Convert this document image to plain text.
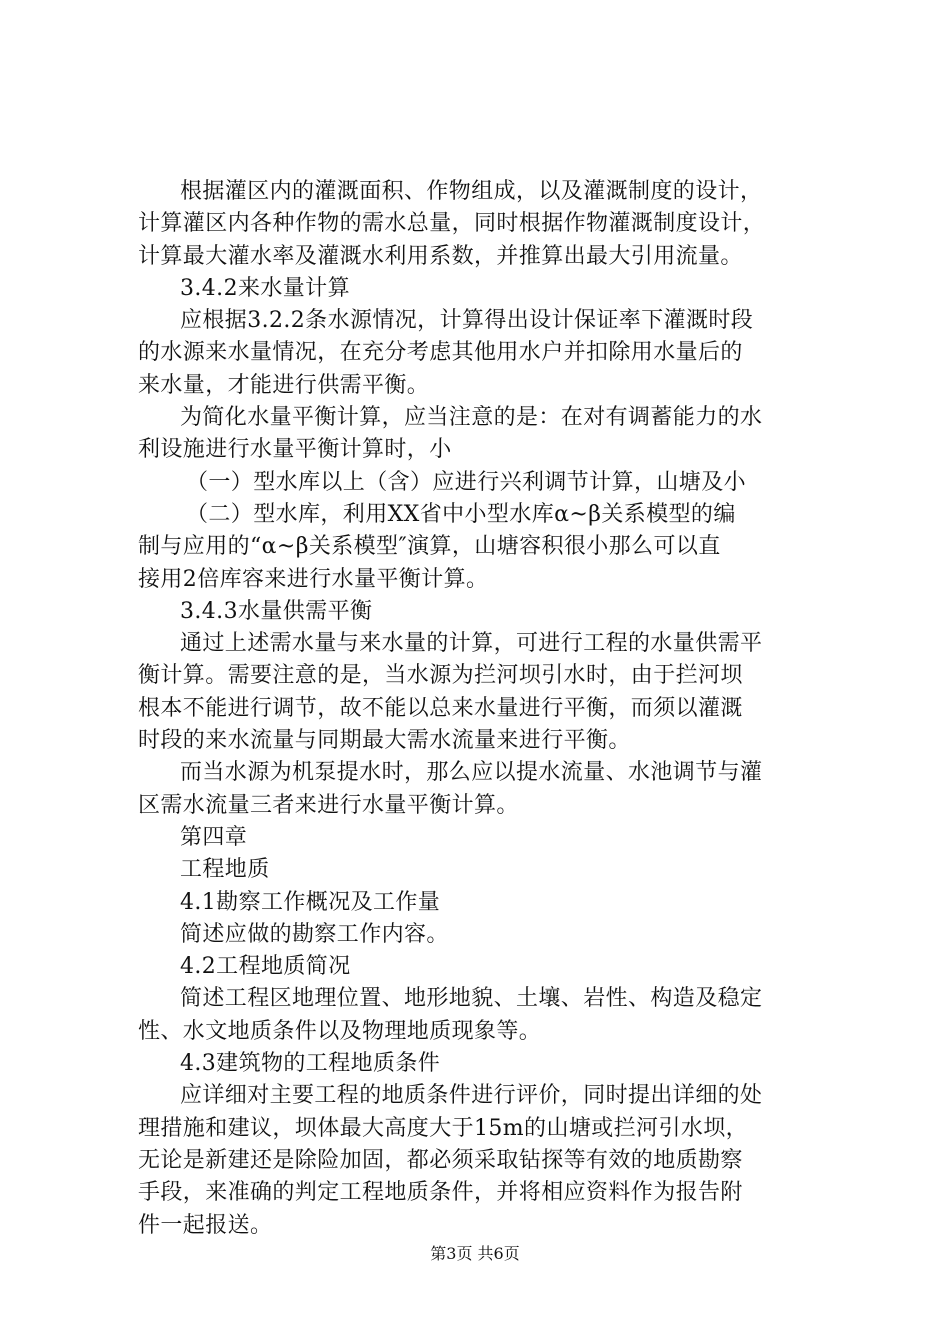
根据灌区内的灌溉面积、作物组成，以及灌溉制度的设计，
计算灌区内各种作物的需水总量，同时根据作物灌溉制度设计，
计算最大灌水率及灌溉水利用系数，并推算出最大引用流量。
3.4.2来水量计算
应根据3.2.2条水源情况，计算得出设计保证率下灌溉时段
的水源来水量情况，在充分考虑其他用水户并扣除用水量后的
来水量，才能进行供需平衡。
为简化水量平衡计算，应当注意的是：在对有调蓄能力的水
利设施进行水量平衡计算时，小
（一）型水库以上（含）应进行兴利调节计算，山塘及小
（二）型水库，利用XX省中小型水库α~β关系模型的编
制与应用的“α~β关系模型″演算，山塘容积很小那么可以直
接用2倍库容来进行水量平衡计算。
3.4.3水量供需平衡
通过上述需水量与来水量的计算，可进行工程的水量供需平
衡计算。需要注意的是，当水源为拦河坝引水时，由于拦河坝
根本不能进行调节，故不能以总来水量进行平衡，而须以灌溉
时段的来水流量与同期最大需水流量来进行平衡。
而当水源为机泵提水时，那么应以提水流量、水池调节与灌
区需水流量三者来进行水量平衡计算。
第四章
工程地质
4.1勘察工作概况及工作量
简述应做的勘察工作内容。
4.2工程地质简况
简述工程区地理位置、地形地貌、土壤、岩性、构造及稳定
性、水文地质条件以及物理地质现象等。
4.3建筑物的工程地质条件
应详细对主要工程的地质条件进行评价，同时提出详细的处
理措施和建议，坝体最大高度大于15m的山塘或拦河引水坝，
无论是新建还是除险加固，都必须采取钻探等有效的地质勘察
手段，来准确的判定工程地质条件，并将相应资料作为报告附
件一起报送。
第3页 共6页
